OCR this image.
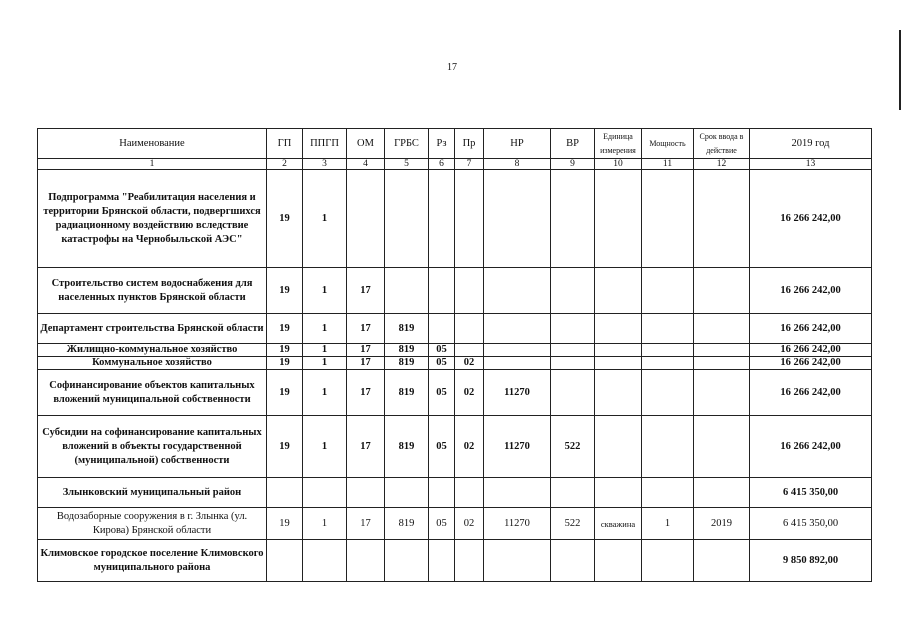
17
Наименование	ГП	ППГП	ОМ	ГРБС	Рз	Пр	НР	ВР	Единица измерения	Мощность	Срок ввода в действие	2019 год
1	2	3	4	5	6	7	8	9	10	11	12	13
Подпрограмма "Реабилитация населения и территории Брянской области, подвергшихся радиационному воздействию вследствие катастрофы на Чернобыльской АЭС"	19	1										16 266 242,00
Строительство систем водоснабжения для населенных пунктов Брянской области	19	1	17									16 266 242,00
Департамент строительства Брянской области	19	1	17	819								16 266 242,00
Жилищно-коммунальное хозяйство	19	1	17	819	05							16 266 242,00
Коммунальное хозяйство	19	1	17	819	05	02						16 266 242,00
Софинансирование объектов капитальных вложений муниципальной собственности	19	1	17	819	05	02	11270					16 266 242,00
Субсидии на софинансирование капитальных вложений в объекты государственной (муниципальной) собственности	19	1	17	819	05	02	11270	522				16 266 242,00
Злынковский муниципальный район												6 415 350,00
Водозаборные сооружения в г. Злынка (ул. Кирова) Брянской области	19	1	17	819	05	02	11270	522	скважина	1	2019	6 415 350,00
Климовское городское поселение Климовского муниципального района												9 850 892,00
